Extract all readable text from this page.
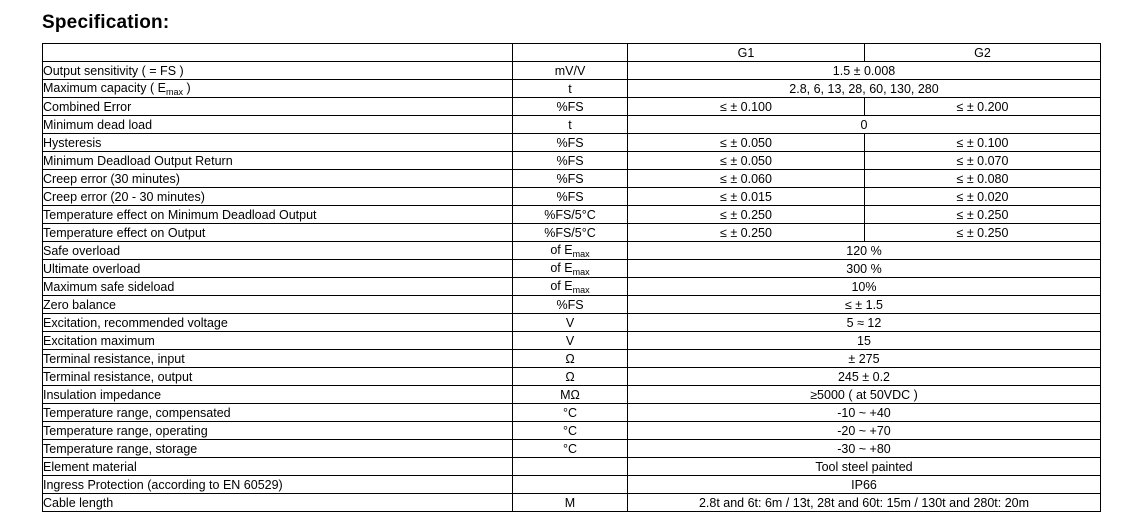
Specification:
		G1	G2
Output sensitivity ( = FS )	mV/V	1.5 ± 0.008	
Maximum capacity ( $E_{max}$ )	t	2.8, 6, 13, 28, 60, 130, 280	
Combined Error	%FS	≤ ± 0.100	≤ ± 0.200
Minimum dead load	t	0	
Hysteresis	%FS	≤ ± 0.050	≤ ± 0.100
Minimum Deadload Output Return	%FS	≤ ± 0.050	≤ ± 0.070
Creep error (30 minutes)	%FS	≤ ± 0.060	≤ ± 0.080
Creep error (20 - 30 minutes)	%FS	≤ ± 0.015	≤ ± 0.020
Temperature effect on Minimum Deadload Output	%FS/5°C	≤ ± 0.250	≤ ± 0.250
Temperature effect on Output	%FS/5°C	≤ ± 0.250	≤ ± 0.250
Safe overload	of $E_{max}$	120 %	
Ultimate overload	of $E_{max}$	300 %	
Maximum safe sideload	of $E_{max}$	10%	
Zero balance	%FS	≤ ± 1.5	
Excitation, recommended voltage	V	5 ≈ 12	
Excitation maximum	V	15	
Terminal resistance, input	Ω	± 275	
Terminal resistance, output	Ω	245 ± 0.2	
Insulation impedance	MΩ	≥5000 ( at 50VDC )	
Temperature range, compensated	°C	-10 ~ +40	
Temperature range, operating	°C	-20 ~ +70	
Temperature range, storage	°C	-30 ~ +80	
Element material		Tool steel painted	
Ingress Protection (according to EN 60529)		IP66	
Cable length	M	2.8t and 6t: 6m / 13t, 28t and 60t: 15m / 130t and 280t: 20m	
